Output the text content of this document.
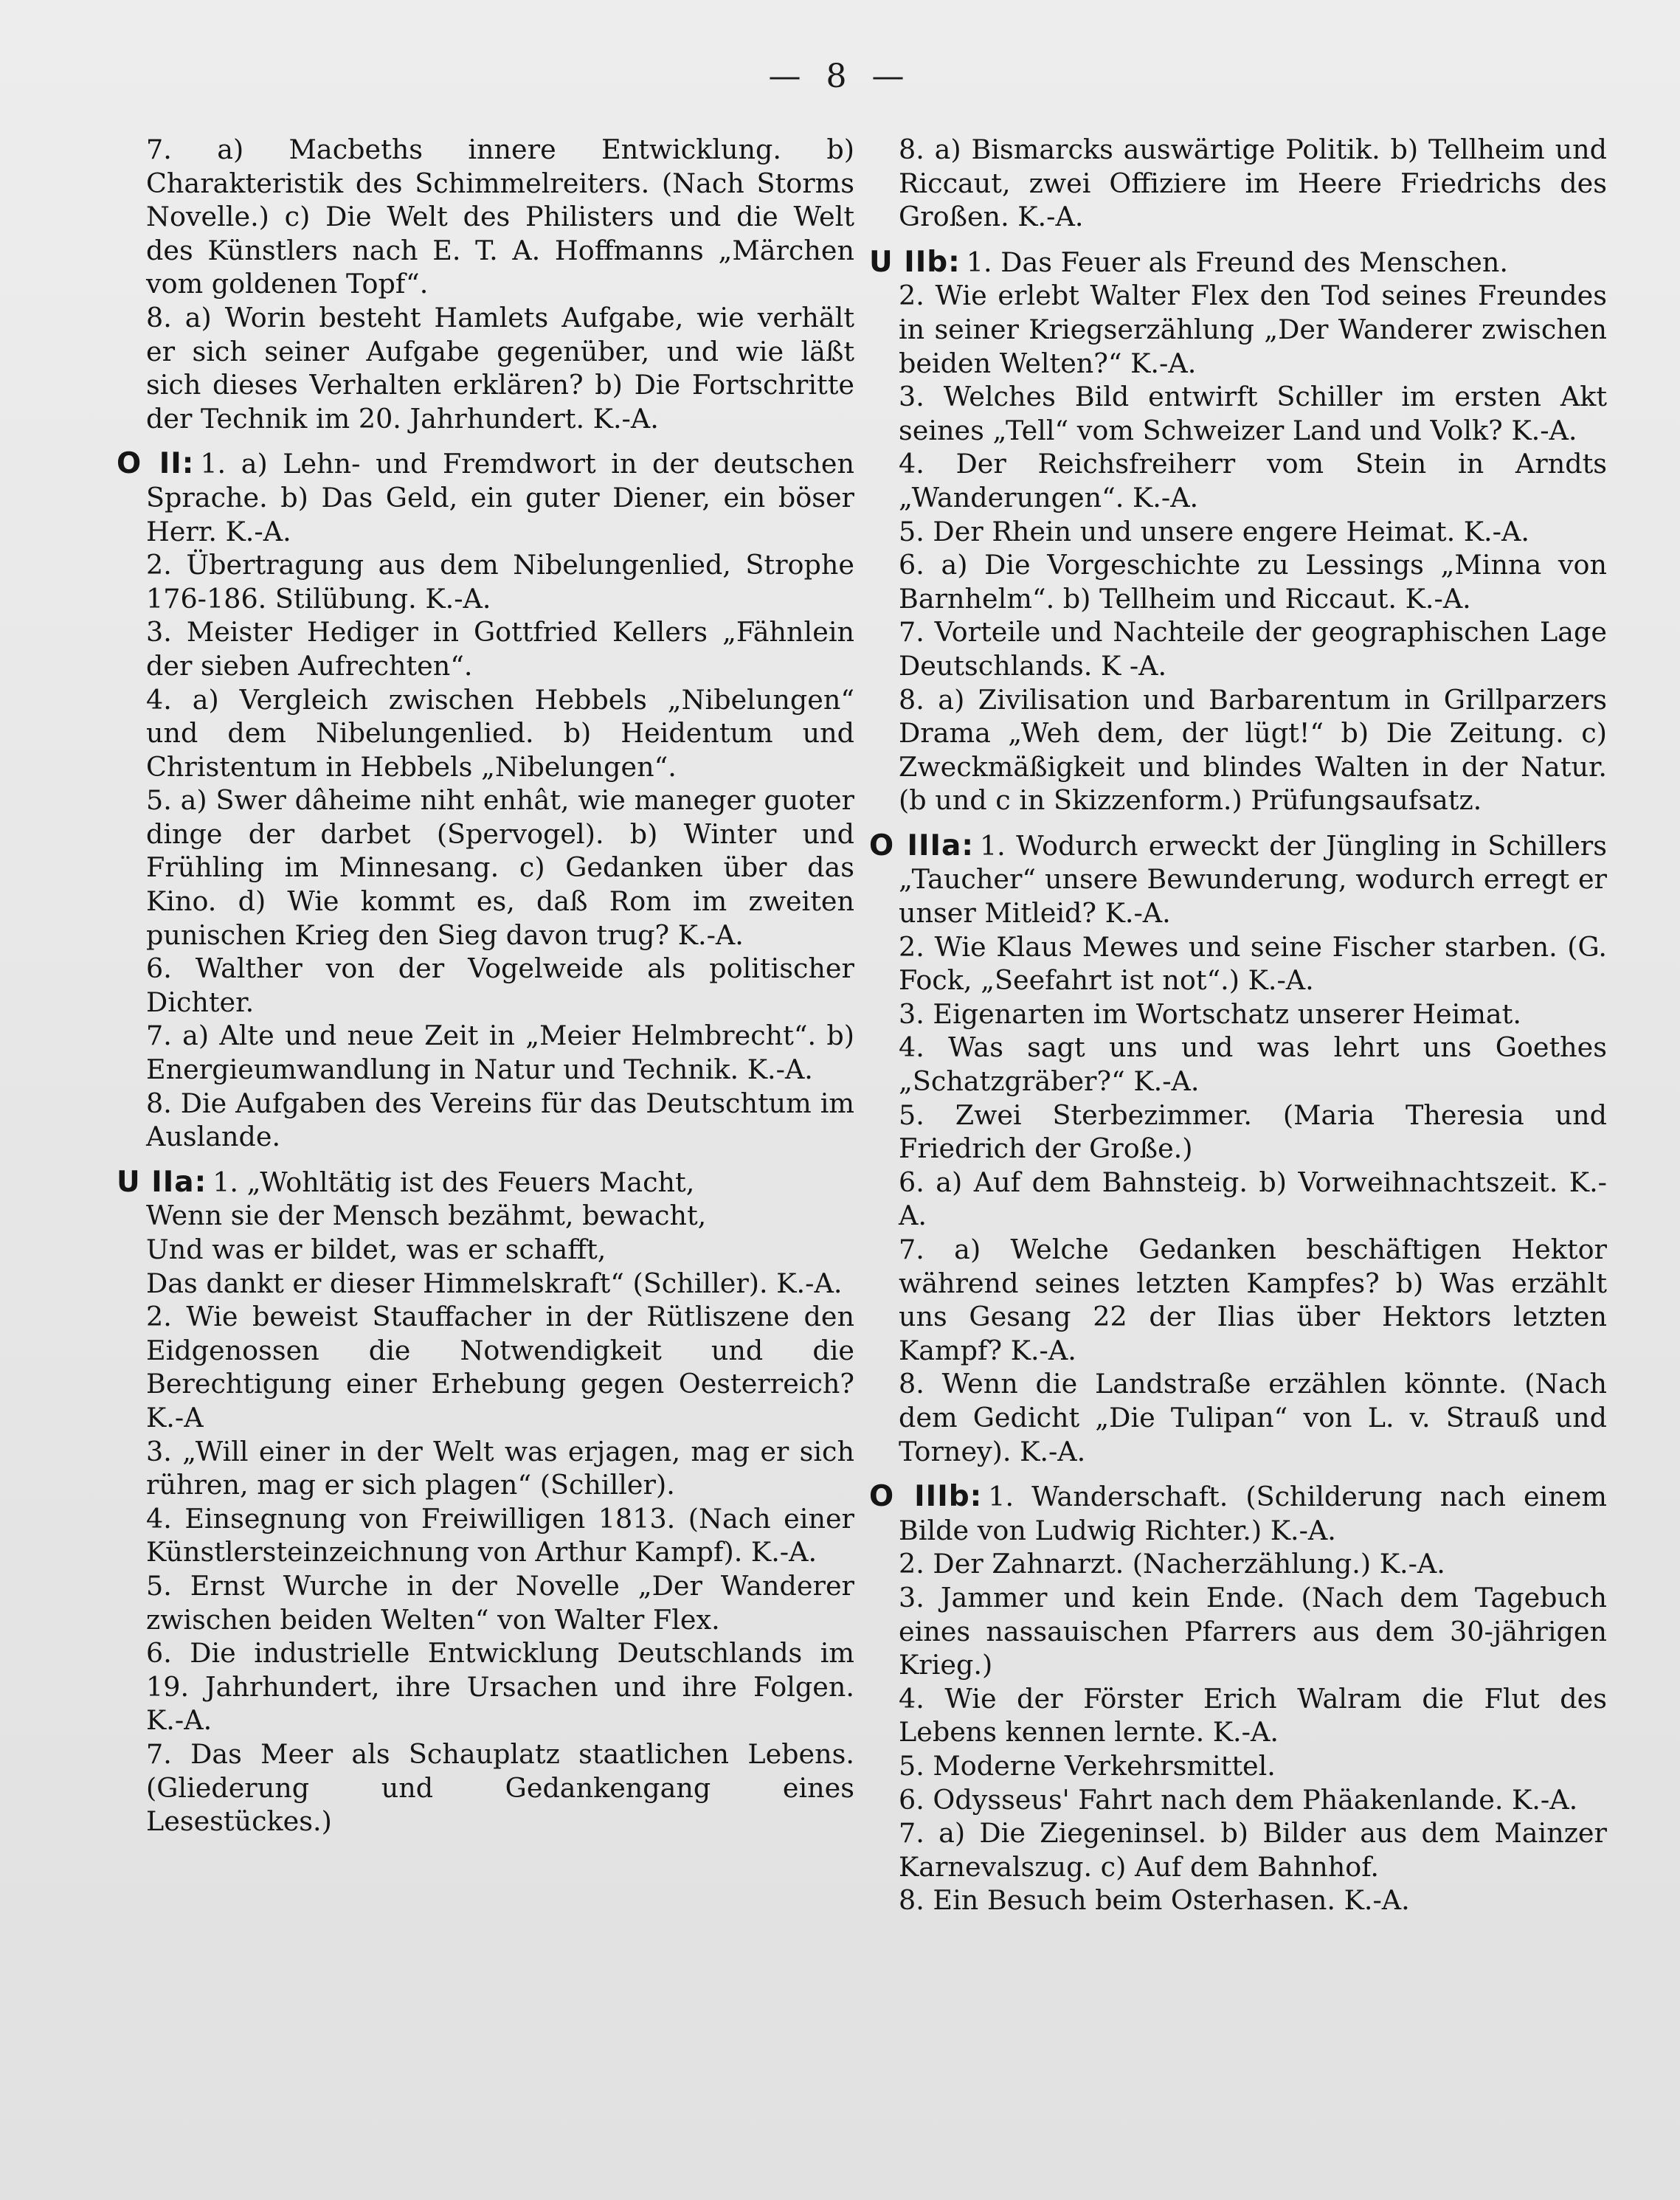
— 8 —

7. a) Macbeths innere Entwicklung. b) Charakteristik des Schimmelreiters. (Nach Storms Novelle.) c) Die Welt des Philisters und die Welt des Künstlers nach E. T. A. Hoffmanns „Märchen vom goldenen Topf“.

8. a) Worin besteht Hamlets Aufgabe, wie verhält er sich seiner Aufgabe gegenüber, und wie läßt sich dieses Verhalten erklären? b) Die Fortschritte der Technik im 20. Jahrhundert. K.-A.

O II: 1. a) Lehn- und Fremdwort in der deutschen Sprache. b) Das Geld, ein guter Diener, ein böser Herr. K.-A.

2. Übertragung aus dem Nibelungenlied, Strophe 176-186. Stilübung. K.-A.

3. Meister Hediger in Gottfried Kellers „Fähnlein der sieben Aufrechten“.

4. a) Vergleich zwischen Hebbels „Nibelungen“ und dem Nibelungenlied. b) Heidentum und Christentum in Hebbels „Nibelungen“.

5. a) Swer dâheime niht enhât, wie maneger guoter dinge der darbet (Spervogel). b) Winter und Frühling im Minnesang. c) Gedanken über das Kino. d) Wie kommt es, daß Rom im zweiten punischen Krieg den Sieg davon trug? K.-A.

6. Walther von der Vogelweide als politischer Dichter.

7. a) Alte und neue Zeit in „Meier Helmbrecht“. b) Energieumwandlung in Natur und Technik. K.-A.

8. Die Aufgaben des Vereins für das Deutschtum im Auslande.

U IIa: 1. „Wohltätig ist des Feuers Macht,

Wenn sie der Mensch bezähmt, bewacht,

Und was er bildet, was er schafft,

Das dankt er dieser Himmelskraft“ (Schiller). K.-A.

2. Wie beweist Stauffacher in der Rütliszene den Eidgenossen die Notwendigkeit und die Berechtigung einer Erhebung gegen Oesterreich? K.-A

3. „Will einer in der Welt was erjagen, mag er sich rühren, mag er sich plagen“ (Schiller).

4. Einsegnung von Freiwilligen 1813. (Nach einer Künstlersteinzeichnung von Arthur Kampf). K.-A.

5. Ernst Wurche in der Novelle „Der Wanderer zwischen beiden Welten“ von Walter Flex.

6. Die industrielle Entwicklung Deutschlands im 19. Jahrhundert, ihre Ursachen und ihre Folgen. K.-A.

7. Das Meer als Schauplatz staatlichen Lebens. (Gliederung und Gedankengang eines Lesestückes.)

8. a) Bismarcks auswärtige Politik. b) Tellheim und Riccaut, zwei Offiziere im Heere Friedrichs des Großen. K.-A.

U IIb: 1. Das Feuer als Freund des Menschen.

2. Wie erlebt Walter Flex den Tod seines Freundes in seiner Kriegserzählung „Der Wanderer zwischen beiden Welten?“ K.-A.

3. Welches Bild entwirft Schiller im ersten Akt seines „Tell“ vom Schweizer Land und Volk? K.-A.

4. Der Reichsfreiherr vom Stein in Arndts „Wanderungen“. K.-A.

5. Der Rhein und unsere engere Heimat. K.-A.

6. a) Die Vorgeschichte zu Lessings „Minna von Barnhelm“. b) Tellheim und Riccaut. K.-A.

7. Vorteile und Nachteile der geographischen Lage Deutschlands. K -A.

8. a) Zivilisation und Barbarentum in Grillparzers Drama „Weh dem, der lügt!“ b) Die Zeitung. c) Zweckmäßigkeit und blindes Walten in der Natur. (b und c in Skizzenform.) Prüfungsaufsatz.

O IIIa: 1. Wodurch erweckt der Jüngling in Schillers „Taucher“ unsere Bewunderung, wodurch erregt er unser Mitleid? K.-A.

2. Wie Klaus Mewes und seine Fischer starben. (G. Fock, „Seefahrt ist not“.) K.-A.

3. Eigenarten im Wortschatz unserer Heimat.

4. Was sagt uns und was lehrt uns Goethes „Schatzgräber?“ K.-A.

5. Zwei Sterbezimmer. (Maria Theresia und Friedrich der Große.)

6. a) Auf dem Bahnsteig. b) Vorweihnachtszeit. K.-A.

7. a) Welche Gedanken beschäftigen Hektor während seines letzten Kampfes? b) Was erzählt uns Gesang 22 der Ilias über Hektors letzten Kampf? K.-A.

8. Wenn die Landstraße erzählen könnte. (Nach dem Gedicht „Die Tulipan“ von L. v. Strauß und Torney). K.-A.

O IIIb: 1. Wanderschaft. (Schilderung nach einem Bilde von Ludwig Richter.) K.-A.

2. Der Zahnarzt. (Nacherzählung.) K.-A.

3. Jammer und kein Ende. (Nach dem Tagebuch eines nassauischen Pfarrers aus dem 30-jährigen Krieg.)

4. Wie der Förster Erich Walram die Flut des Lebens kennen lernte. K.-A.

5. Moderne Verkehrsmittel.

6. Odysseus' Fahrt nach dem Phäakenlande. K.-A.

7. a) Die Ziegeninsel. b) Bilder aus dem Mainzer Karnevalszug. c) Auf dem Bahnhof.

8. Ein Besuch beim Osterhasen. K.-A.
